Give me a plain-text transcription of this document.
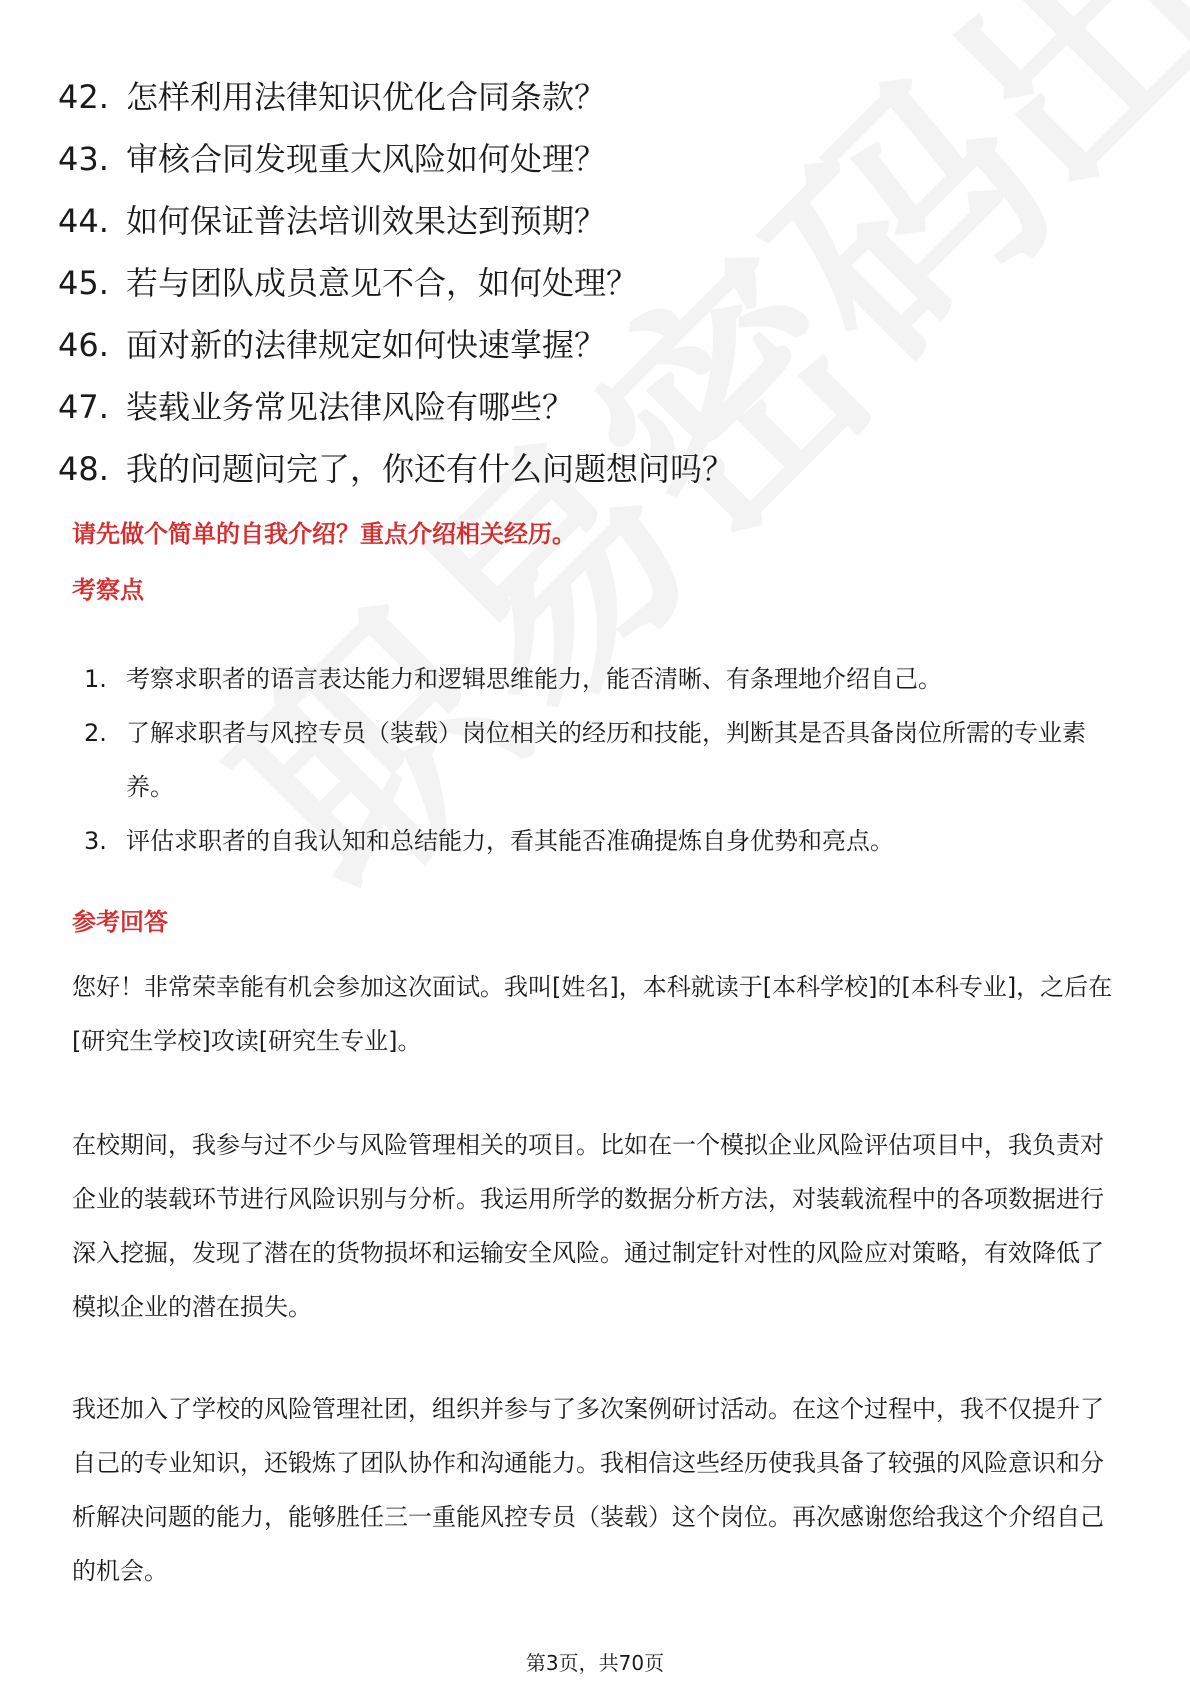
42. 怎样利用法律知识优化合同条款？
43. 审核合同发现重大风险如何处理？
44. 如何保证普法培训效果达到预期？
45. 若与团队成员意见不合，如何处理？
46. 面对新的法律规定如何快速掌握？
47. 装载业务常见法律风险有哪些？
48. 我的问题问完了，你还有什么问题想问吗？
请先做个简单的自我介绍？重点介绍相关经历。
考察点
1. 考察求职者的语言表达能力和逻辑思维能力，能否清晰、有条理地介绍自己。
2. 了解求职者与风控专员（装载）岗位相关的经历和技能，判断其是否具备岗位所需的专业素养。
3. 评估求职者的自我认知和总结能力，看其能否准确提炼自身优势和亮点。
参考回答

您好！非常荣幸能有机会参加这次面试。我叫[姓名]，本科就读于[本科学校]的[本科专业]，之后在[研究生学校]攻读[研究生专业]。

在校期间，我参与过不少与风险管理相关的项目。比如在一个模拟企业风险评估项目中，我负责对企业的装载环节进行风险识别与分析。我运用所学的数据分析方法，对装载流程中的各项数据进行深入挖掘，发现了潜在的货物损坏和运输安全风险。通过制定针对性的风险应对策略，有效降低了模拟企业的潜在损失。

我还加入了学校的风险管理社团，组织并参与了多次案例研讨活动。在这个过程中，我不仅提升了自己的专业知识，还锻炼了团队协作和沟通能力。我相信这些经历使我具备了较强的风险意识和分析解决问题的能力，能够胜任三一重能风控专员（装载）这个岗位。再次感谢您给我这个介绍自己的机会。

第3页，共70页
